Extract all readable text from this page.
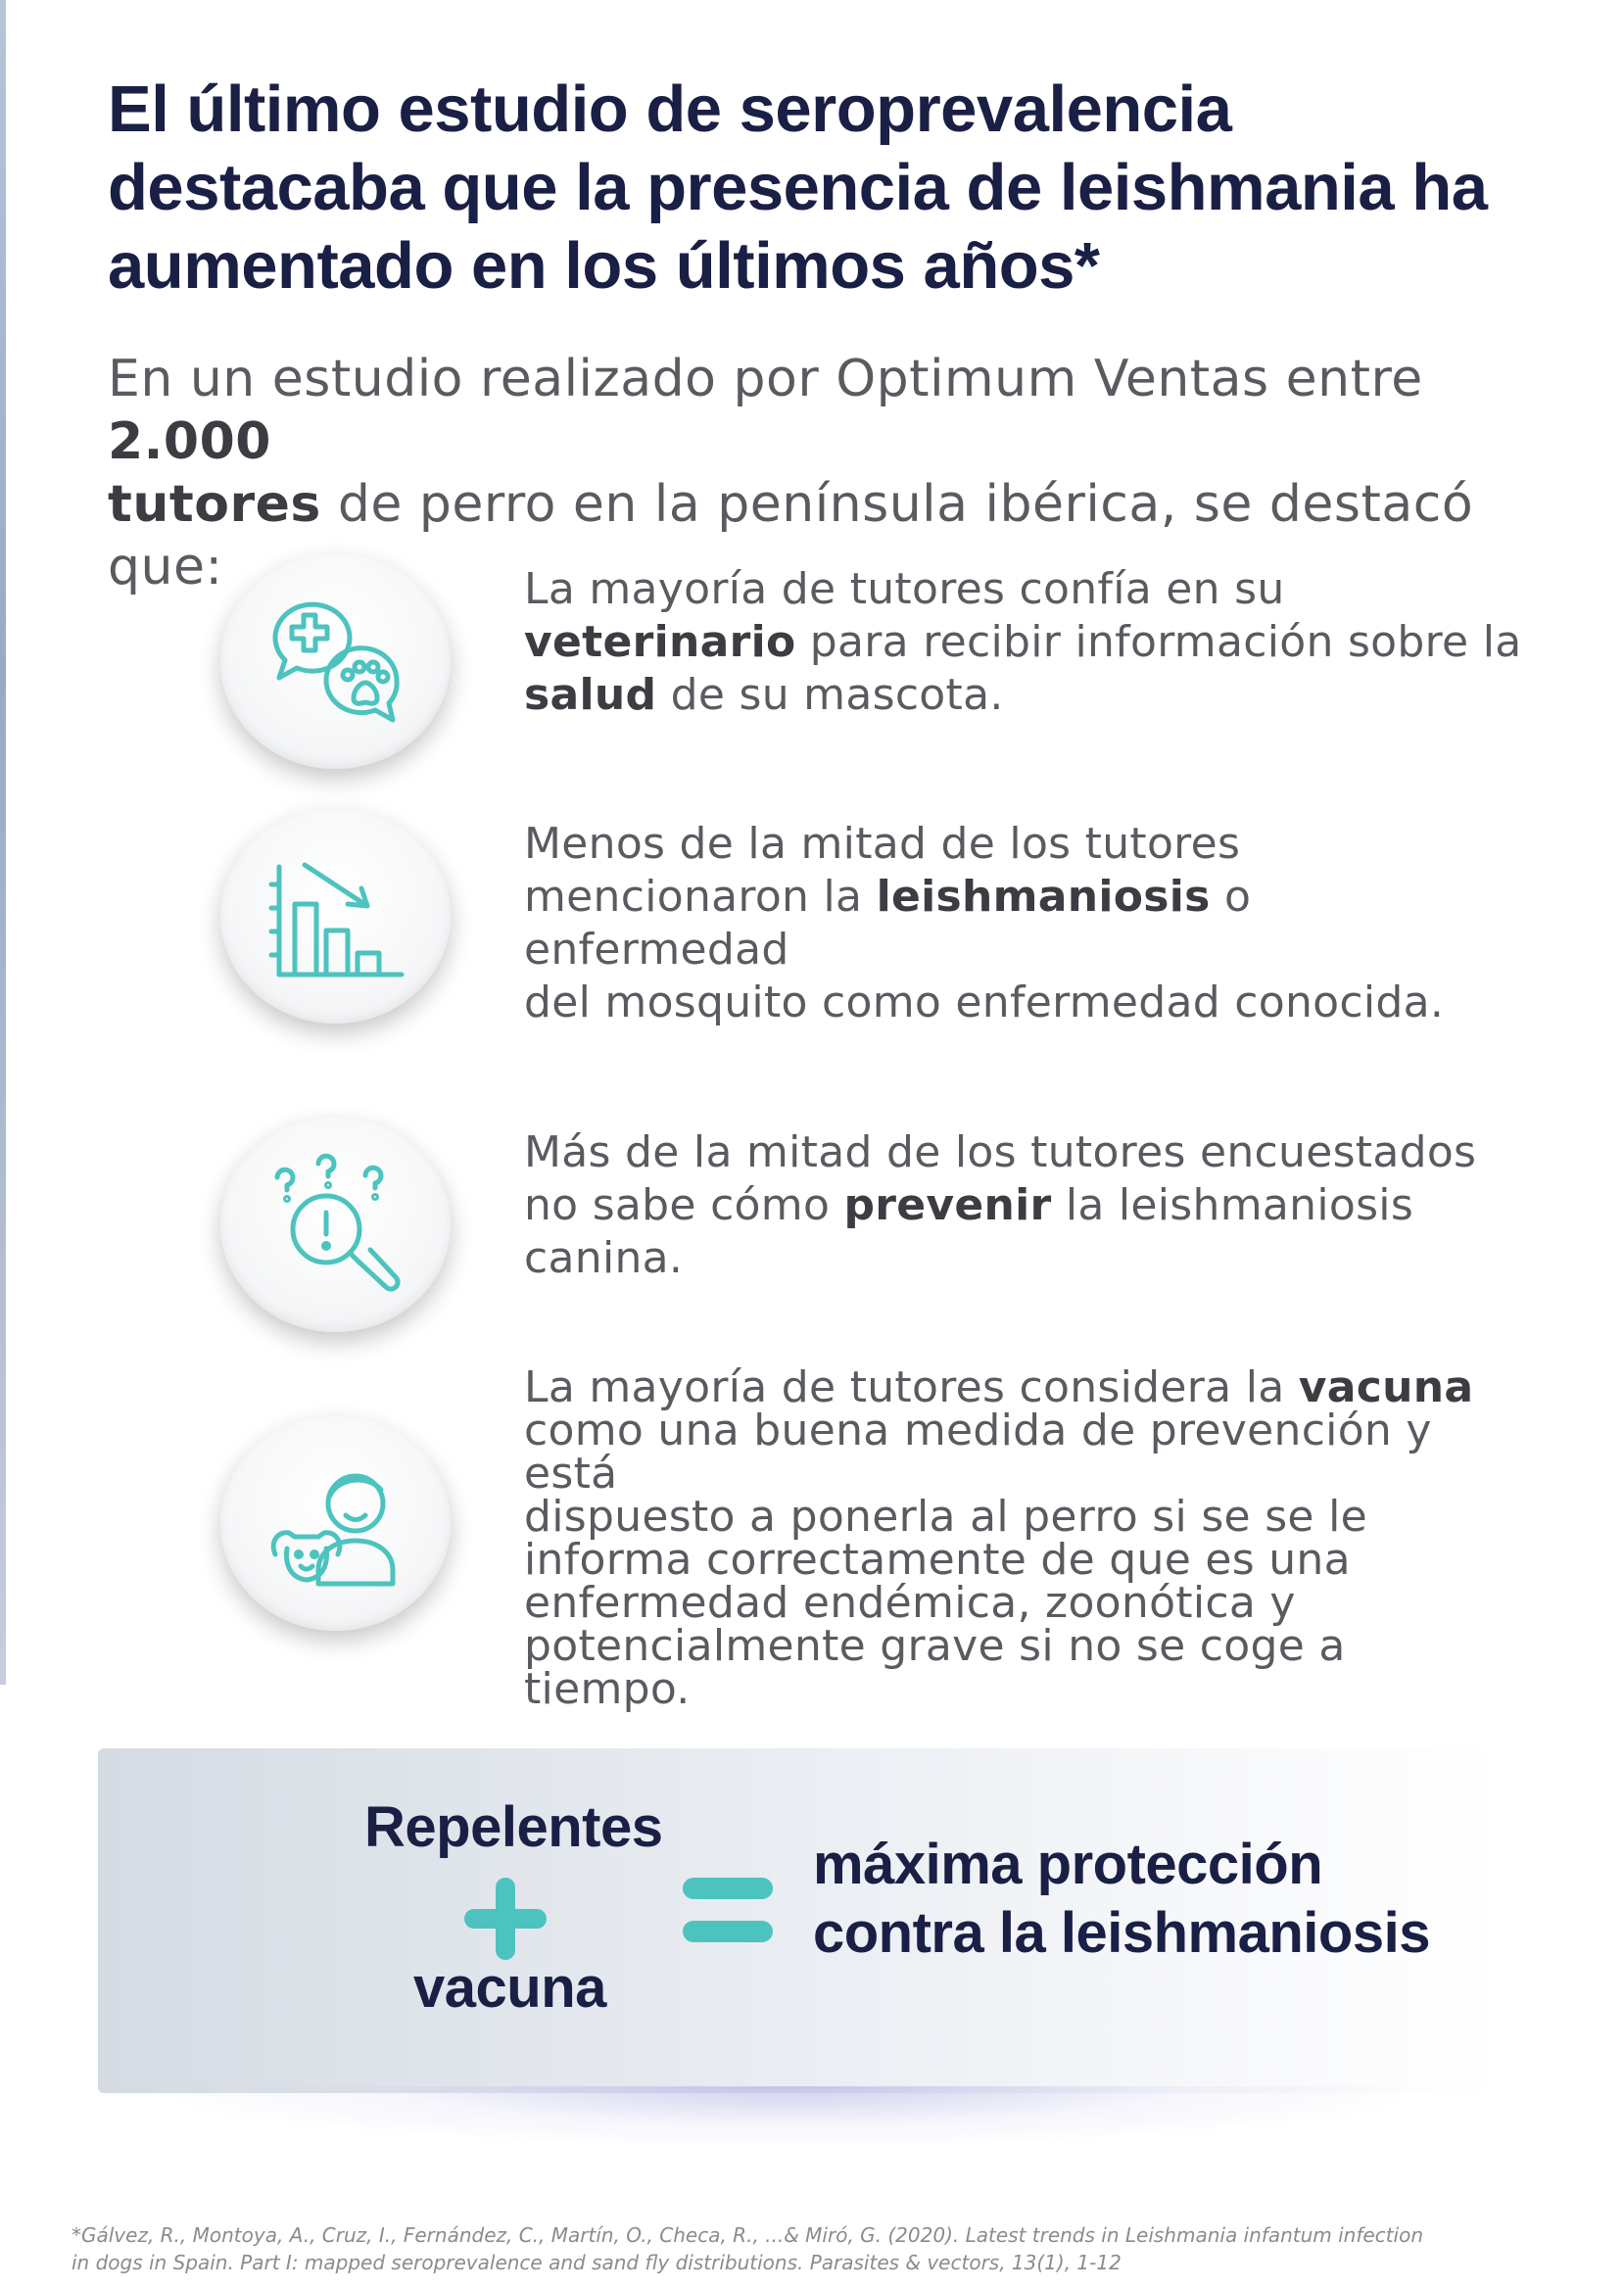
El último estudio de seroprevalencia
destacaba que la presencia de leishmania ha
aumentado en los últimos años*

En un estudio realizado por Optimum Ventas entre 2.000
tutores de perro en la península ibérica, se destacó que:	La mayoría de tutores confía en su
veterinario para recibir información sobre la
salud de su mascota.

Menos de la mitad de los tutores
mencionaron la leishmaniosis o enfermedad
del mosquito como enfermedad conocida.

Más de la mitad de los tutores encuestados
no sabe cómo prevenir la leishmaniosis
canina.

La mayoría de tutores considera la vacuna
como una buena medida de prevención y está
dispuesto a ponerla al perro si se se le
informa correctamente de que es una
enfermedad endémica, zoonótica y
potencialmente grave si no se coge a tiempo.

Repelentes
vacuna
máxima protección
contra la leishmaniosis

*Gálvez, R., Montoya, A., Cruz, I., Fernández, C., Martín, O., Checa, R., ...& Miró, G. (2020). Latest trends in Leishmania infantum infection
in dogs in Spain. Part I: mapped seroprevalence and sand fly distributions. Parasites & vectors, 13(1), 1-12
